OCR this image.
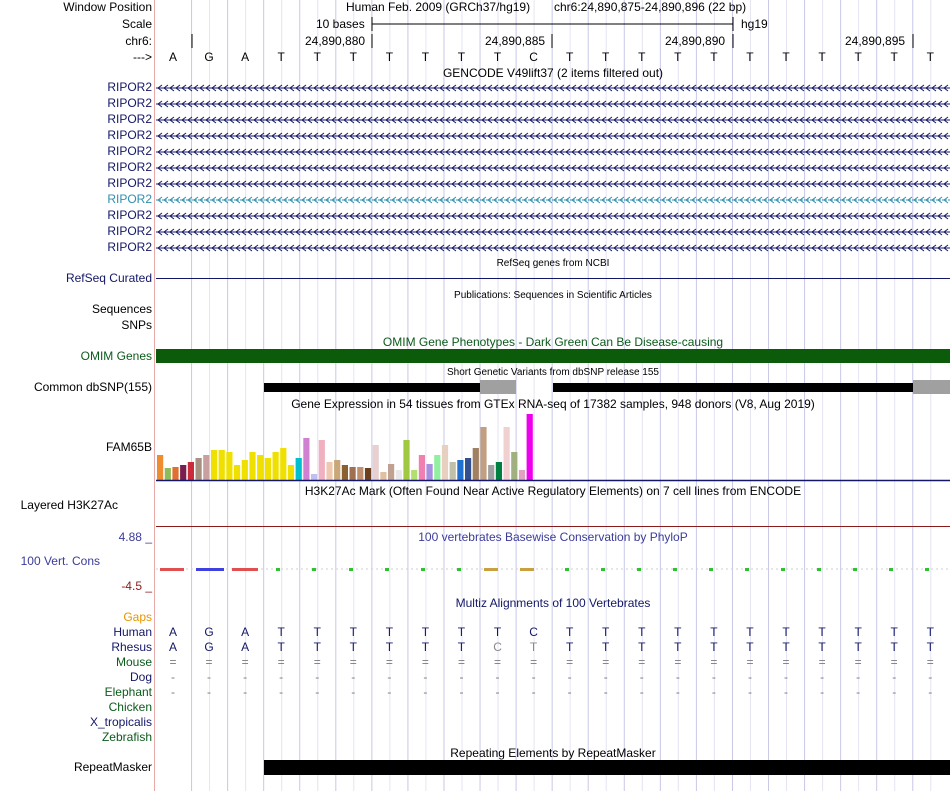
Window Position	Human Feb. 2009 (GRCh37/hg19) chr6:24,890,875-24,890,896 (22 bp)
Scale	10 bases	hg19
chr6:	24,890,880	24,890,885	24,890,890	24,890,895
---> A G A T T T T T T T C T T T T T T T T T T T
GENCODE V49lift37 (2 items filtered out)
RIPOR2
RIPOR2
RIPOR2
RIPOR2
RIPOR2
RIPOR2
RIPOR2
RIPOR2
RIPOR2
RIPOR2
RIPOR2
RefSeq genes from NCBI
RefSeq Curated
Publications: Sequences in Scientific Articles
Sequences
SNPs
OMIM Gene Phenotypes - Dark Green Can Be Disease-causing
OMIM Genes
Short Genetic Variants from dbSNP release 155
Common dbSNP(155)
Gene Expression in 54 tissues from GTEx RNA-seq of 17382 samples, 948 donors (V8, Aug 2019)
FAM65B
H3K27Ac Mark (Often Found Near Active Regulatory Elements) on 7 cell lines from ENCODE
Layered H3K27Ac
100 vertebrates Basewise Conservation by PhyloP
4.88 _
100 Vert. Cons
-4.5 _
Multiz Alignments of 100 Vertebrates
Gaps
Human A G A T T T T T T T C T T T T T T T T T T T
Rhesus A G A T T T T T T C T T T T T T T T T T T T
Mouse = = = = = = = = = = = = = = = = = = = = = =
Dog	-	-	-	-	-	-	-	-	-	-	-	-	-	-	-	-	-	-	-	-	-	-
Elephant	-	-	-	-	-	-	-	-	-	-	-	-	-	-	-	-	-	-	-	-	-	-
Chicken
X_tropicalis
Zebrafish
Repeating Elements by RepeatMasker
RepeatMasker
